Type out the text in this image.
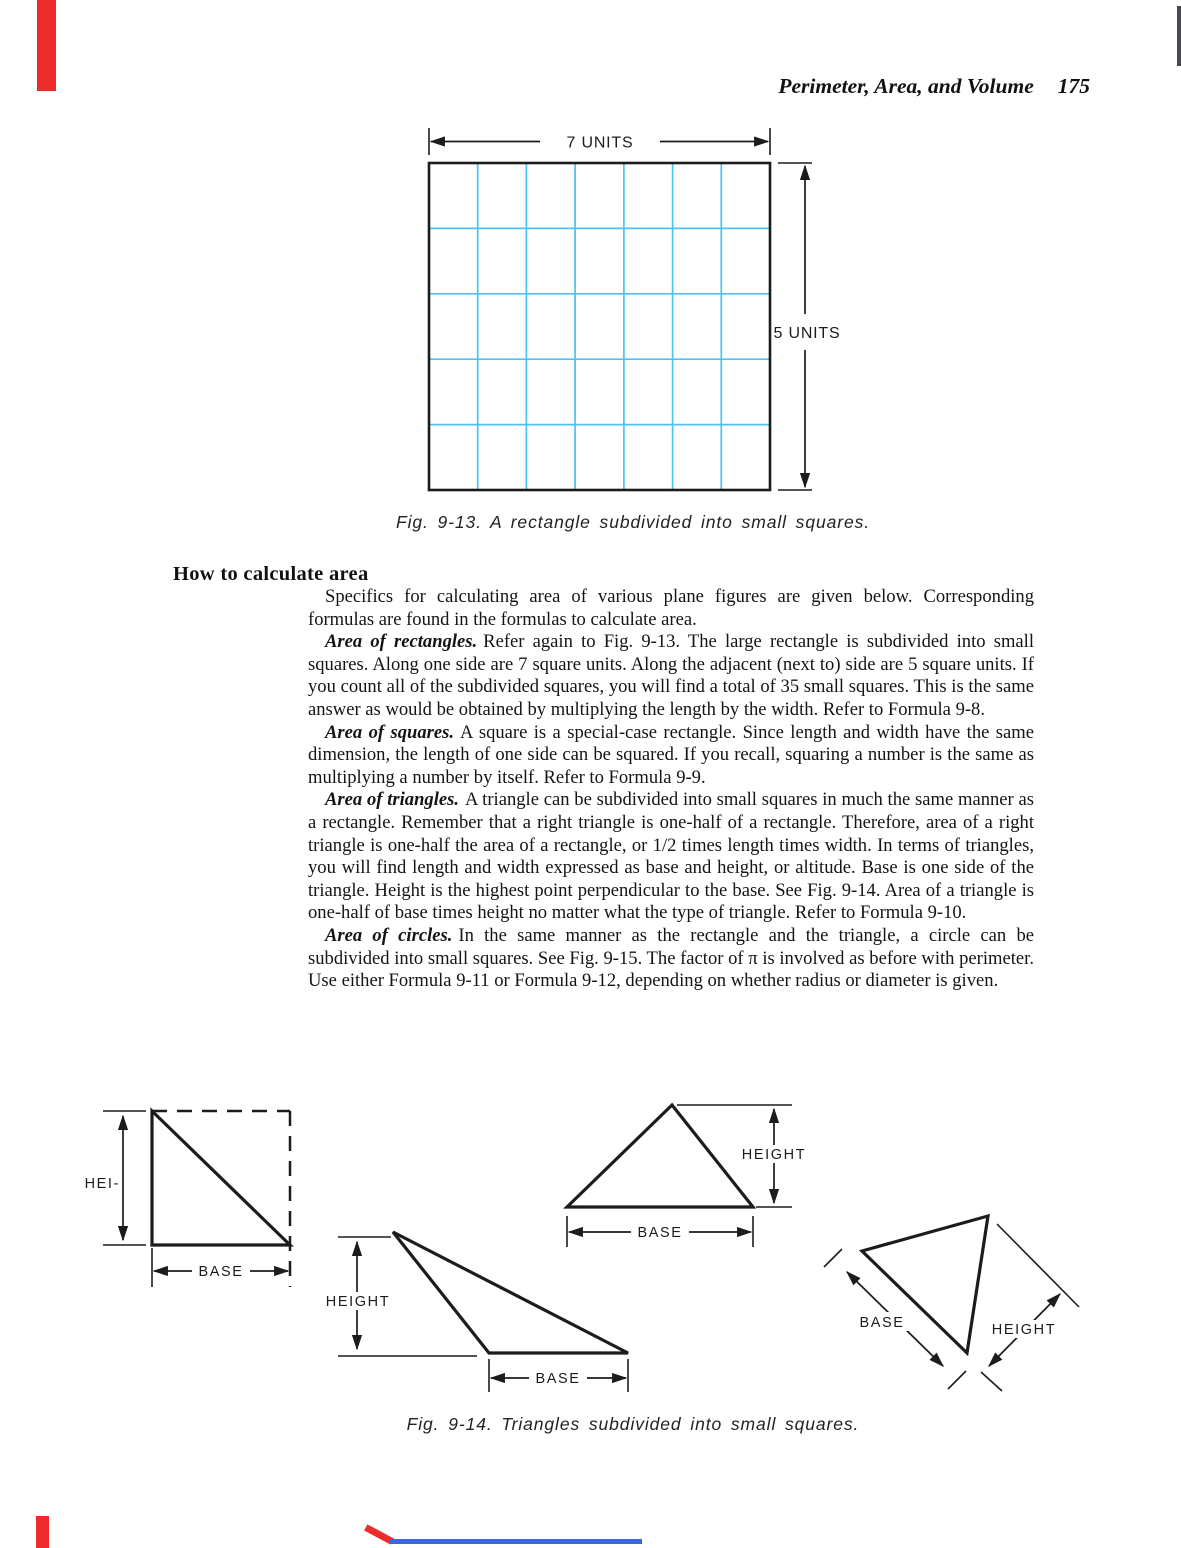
Perimeter, Area, and Volume 175
7 UNITS
5 UNITS
Fig. 9-13. A rectangle subdivided into small squares.
How to calculate area

Specifics for calculating area of various plane figures are given below. Corresponding formulas are found in the formulas to calculate area.

Area of rectangles. Refer again to Fig. 9-13. The large rectangle is subdivided into small squares. Along one side are 7 square units. Along the adjacent (next to) side are 5 square units. If you count all of the subdivided squares, you will find a total of 35 small squares. This is the same answer as would be obtained by multiplying the length by the width. Refer to Formula 9-8.

Area of squares. A square is a special-case rectangle. Since length and width have the same dimension, the length of one side can be squared. If you recall, squaring a number is the same as multiplying a number by itself. Refer to Formula 9-9.

Area of triangles. A triangle can be subdivided into small squares in much the same manner as a rectangle. Remember that a right triangle is one-half of a rectangle. Therefore, area of a right triangle is one-half the area of a rectangle, or 1/2 times length times width. In terms of triangles, you will find length and width expressed as base and height, or altitude. Base is one side of the triangle. Height is the highest point perpendicular to the base. See Fig. 9-14. Area of a triangle is one-half of base times height no matter what the type of triangle. Refer to Formula 9-10.

Area of circles. In the same manner as the rectangle and the triangle, a circle can be subdivided into small squares. See Fig. 9-15. The factor of π is involved as before with perimeter. Use either Formula 9-11 or Formula 9-12, depending on whether radius or diameter is given.

HEI-
BASE
HEIGHT
BASE
HEIGHT
BASE
BASE	HEIGHT
Fig. 9-14. Triangles subdivided into small squares.
